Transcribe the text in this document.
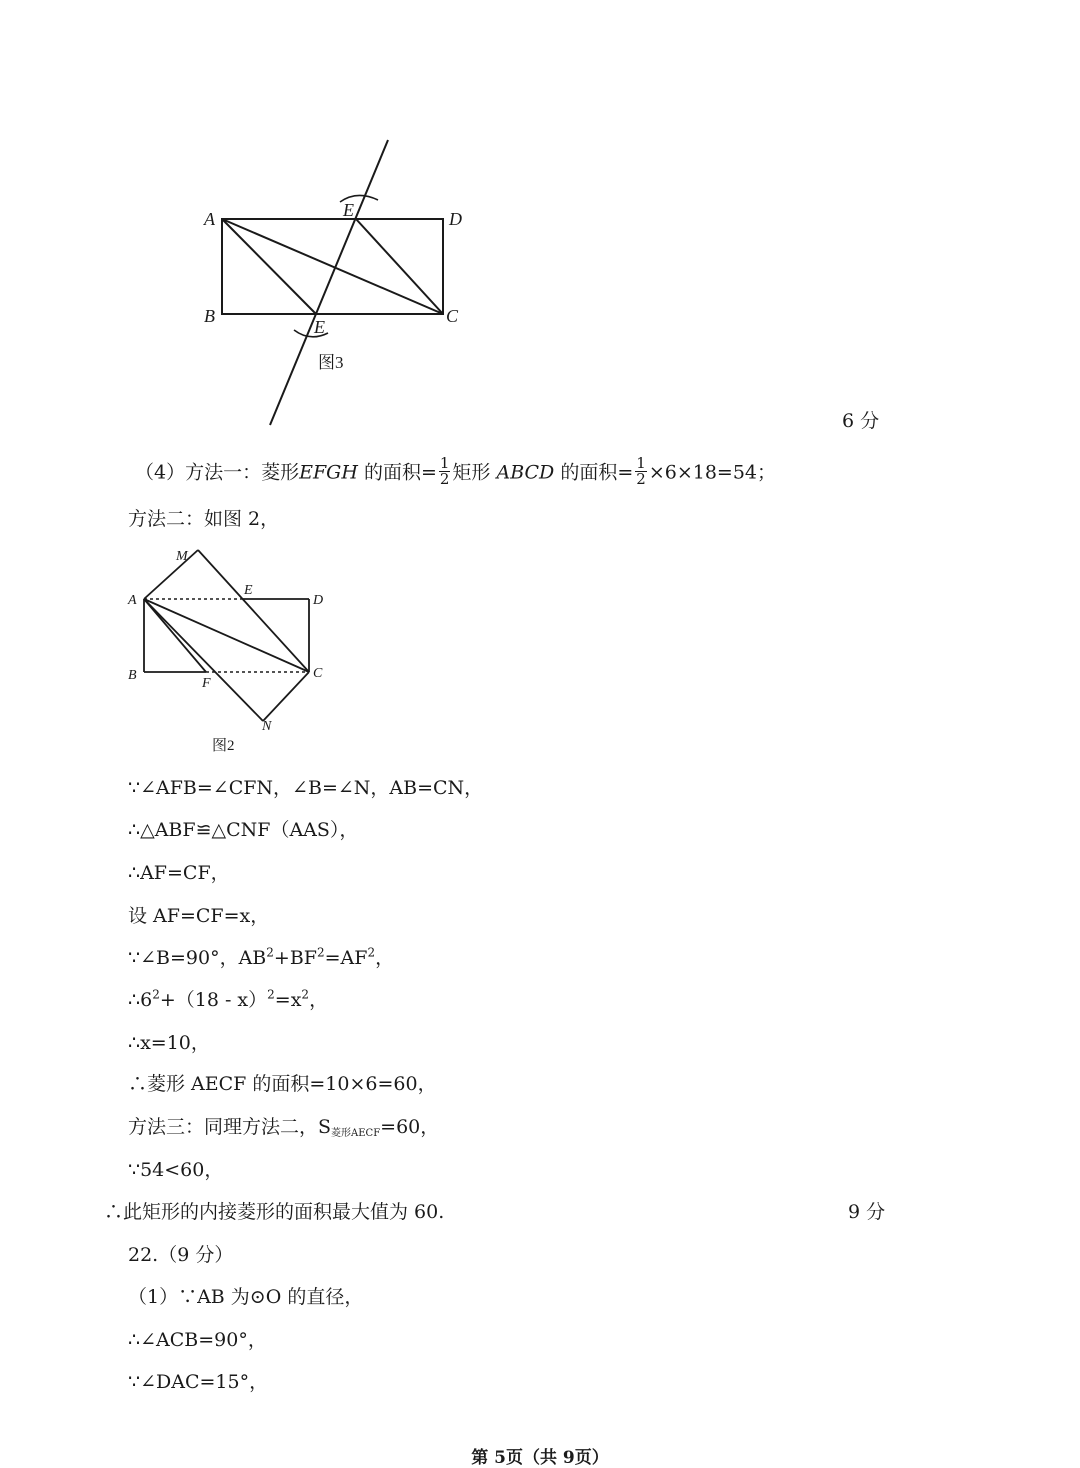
A	D
B	C
E
E
图3
6 分
（4）方法一：菱形EFGH 的面积= $\frac{1}{2}$ 矩形 ABCD 的面积= $\frac{1}{2} \times 6\times 18=54$；
方法二：如图 2，
M
E
A	D
B
F
C
N
图2
∵∠AFB=∠CFN，∠B=∠N，AB=CN，
∴△ABF≌△CNF（AAS），
∴AF=CF，
设 AF=CF=x，
∵∠B=90°，$AB^2+BF^2=AF^2$，
$\therefore 6^2+(18 - x)^2=x^2$，
∴x=10，
∴菱形 AECF 的面积=10×6=60，
方法三：同理方法二，S菱形AECF=60，
∵54<60，
∴此矩形的内接菱形的面积最大值为 60.	9 分
22.（9 分）
（1）∵AB 为⊙O 的直径，
∴∠ACB=90°，
∵∠DAC=15°，
第 5页（共 9页）
